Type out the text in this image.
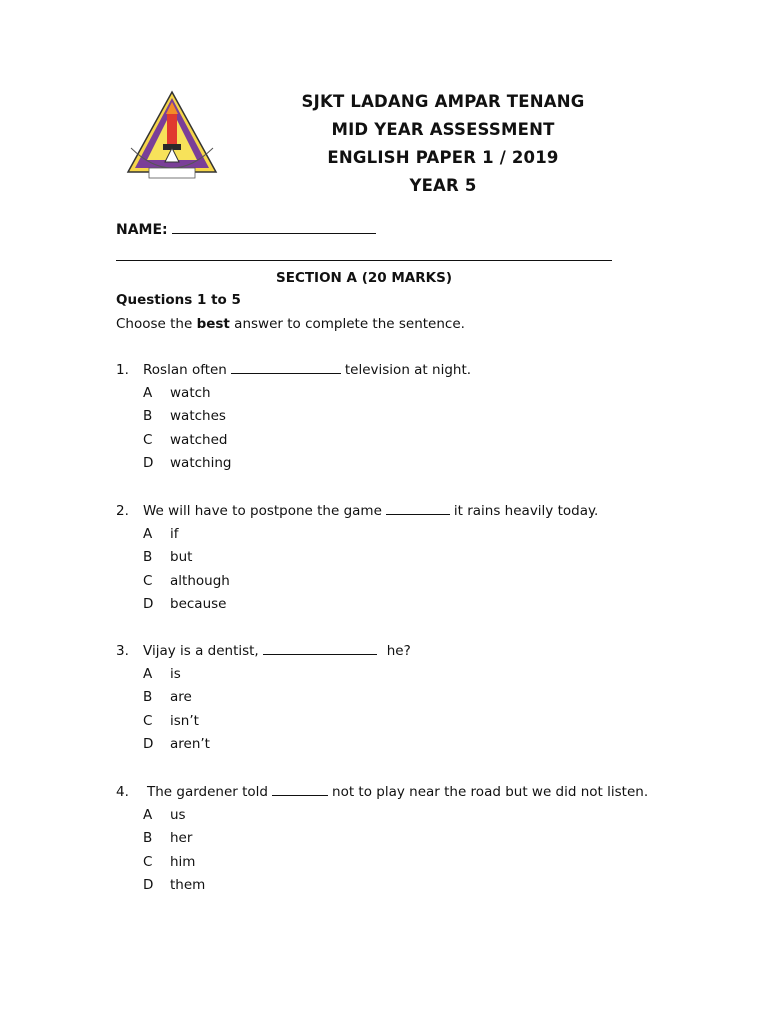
SJKT LADANG AMPAR TENANG
MID YEAR ASSESSMENT
ENGLISH PAPER 1 / 2019
YEAR 5
NAME:
SECTION A (20 MARKS)
Questions 1 to 5
Choose the best answer to complete the sentence.
1.	Roslan often	television at night.
A	watch
B	watches
C	watched
D	watching
2.	We will have to postpone the game	it rains heavily today.
A	if
B	but
C	although
D	because
3.	Vijay is a dentist,	he?
A	is
B	are
C	isn’t
D	aren’t
4.	The gardener told	not to play near the road but we did not listen.
A	us
B	her
C	him
D	them
